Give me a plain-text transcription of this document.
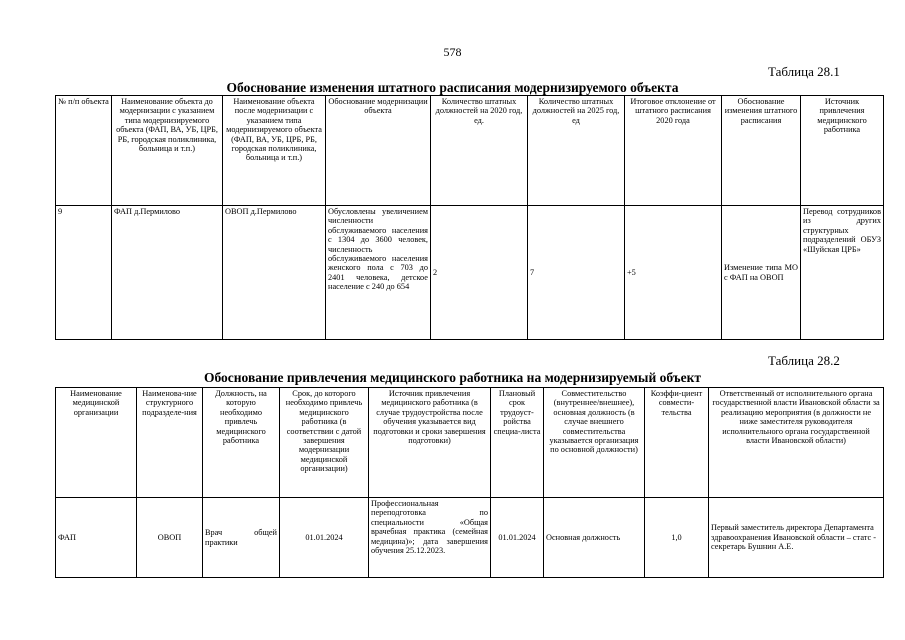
578
Таблица 28.1
Обоснование изменения штатного расписания модернизируемого объекта
№ п/п объекта	Наименование объекта до модернизации с указанием типа модернизируемого объекта (ФАП, ВА, УБ, ЦРБ, РБ, городская поликлиника, больница и т.п.)	Наименование объекта после модернизации с указанием типа модернизируемого объекта (ФАП, ВА, УБ, ЦРБ, РБ, городская поликлиника, больница и т.п.)	Обоснование модернизации объекта	Количество штатных должностей на 2020 год, ед.	Количество штатных должностей на 2025 год, ед	Итоговое отклонение от штатного расписания 2020 года	Обоснование изменения штатного расписания	Источник привлечения медицинского работника
9	ФАП д.Пермилово	ОВОП д.Пермилово	Обусловлены увеличением численности обслуживаемого населения с 1304 до 3600 человек, численность обслуживаемого населения женского пола с 703 до 2401 человека, детское население с 240 до 654	2	7	+5	Изменение типа МО с ФАП на ОВОП	Перевод сотрудников из других структурных подразделений ОБУЗ «Шуйская ЦРБ»
Таблица 28.2
Обоснование привлечения медицинского работника на модернизируемый объект
Наименование медицинской организации	Наименова-ние структурного подразделе-ния	Должность, на которую необходимо привлечь медицинского работника	Срок, до которого необходимо привлечь медицинского работника (в соответствии с датой завершения модернизации медицинской организации)	Источник привлечения медицинского работника (в случае трудоустройства после обучения указывается вид подготовки и сроки завершения подготовки)	Плановый срок трудоуст-ройства специа-листа	Совместительство (внутреннее/внешнее), основная должность (в случае внешнего совместительства указывается организация по основной должности)	Коэффи-циент совмести-тельства	Ответственный от исполнительного органа государственной власти Ивановской области за реализацию мероприятия (в должности не ниже заместителя руководителя исполнительного органа государственной власти Ивановской области)
ФАП	ОВОП	Врач общей практики	01.01.2024	Профессиональная переподготовка по специальности «Общая врачебная практика (семейная медицина)»; дата завершения обучения 25.12.2023.	01.01.2024	Основная должность	1,0	Первый заместитель директора Департамента здравоохранения Ивановской области – статс - секретарь Бушнин А.Е.
